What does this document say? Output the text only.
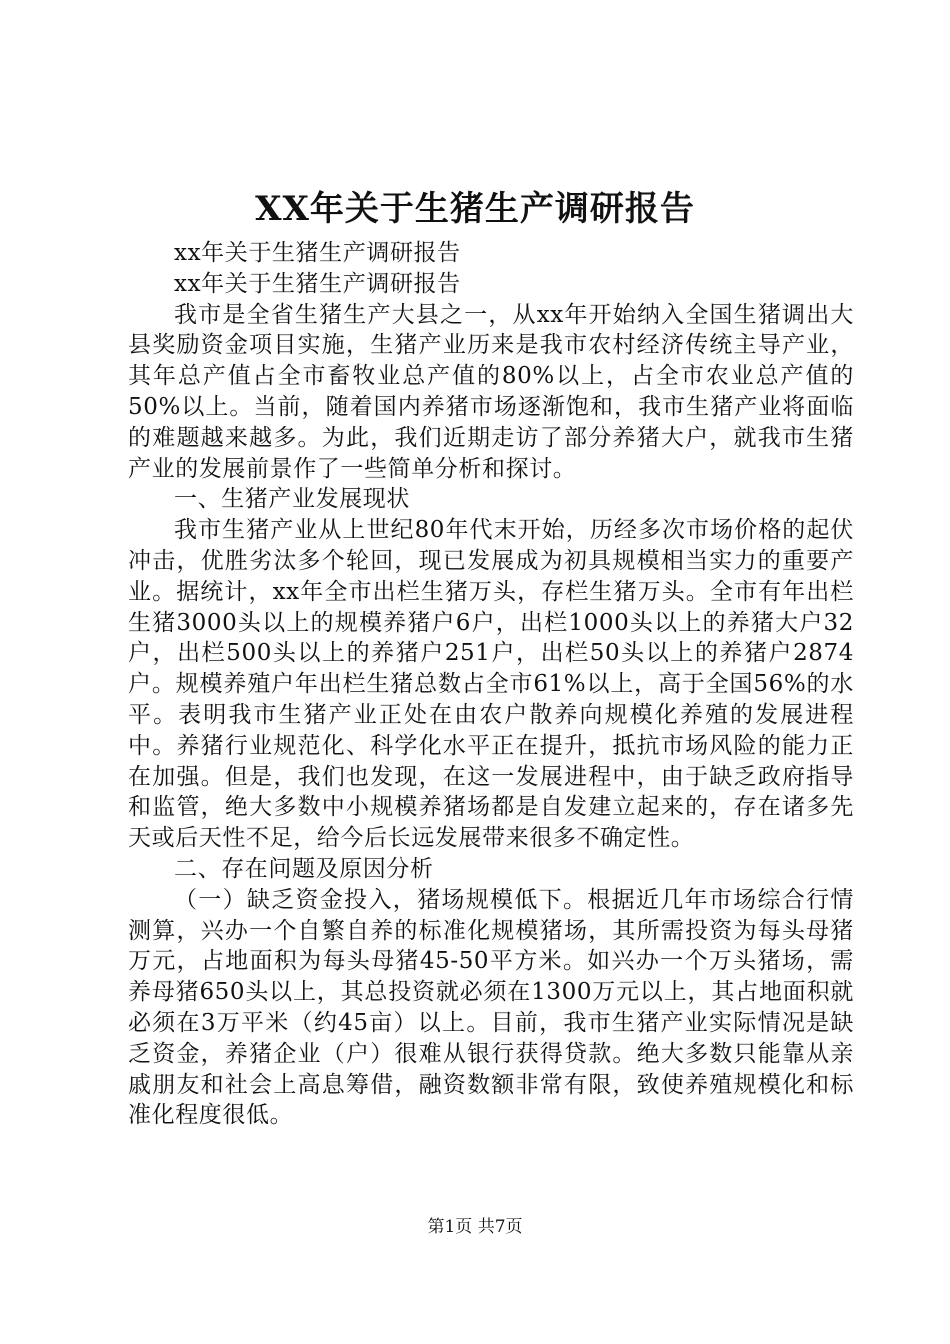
XX年关于生猪生产调研报告

xx年关于生猪生产调研报告

xx年关于生猪生产调研报告

我市是全省生猪生产大县之一，从xx年开始纳入全国生猪调出大县奖励资金项目实施，生猪产业历来是我市农村经济传统主导产业，其年总产值占全市畜牧业总产值的80%以上，占全市农业总产值的50%以上。当前，随着国内养猪市场逐渐饱和，我市生猪产业将面临的难题越来越多。为此，我们近期走访了部分养猪大户，就我市生猪产业的发展前景作了一些简单分析和探讨。

一、生猪产业发展现状

我市生猪产业从上世纪80年代末开始，历经多次市场价格的起伏冲击，优胜劣汰多个轮回，现已发展成为初具规模相当实力的重要产业。据统计，xx年全市出栏生猪万头，存栏生猪万头。全市有年出栏生猪3000头以上的规模养猪户6户，出栏1000头以上的养猪大户32户，出栏500头以上的养猪户251户，出栏50头以上的养猪户2874户。规模养殖户年出栏生猪总数占全市61%以上，高于全国56%的水平。表明我市生猪产业正处在由农户散养向规模化养殖的发展进程中。养猪行业规范化、科学化水平正在提升，抵抗市场风险的能力正在加强。但是，我们也发现，在这一发展进程中，由于缺乏政府指导和监管，绝大多数中小规模养猪场都是自发建立起来的，存在诸多先天或后天性不足，给今后长远发展带来很多不确定性。

二、存在问题及原因分析

（一）缺乏资金投入，猪场规模低下。根据近几年市场综合行情测算，兴办一个自繁自养的标准化规模猪场，其所需投资为每头母猪万元，占地面积为每头母猪45-50平方米。如兴办一个万头猪场，需养母猪650头以上，其总投资就必须在1300万元以上，其占地面积就必须在3万平米（约45亩）以上。目前，我市生猪产业实际情况是缺乏资金，养猪企业（户）很难从银行获得贷款。绝大多数只能靠从亲戚朋友和社会上高息筹借，融资数额非常有限，致使养殖规模化和标准化程度很低。

第1页 共7页
